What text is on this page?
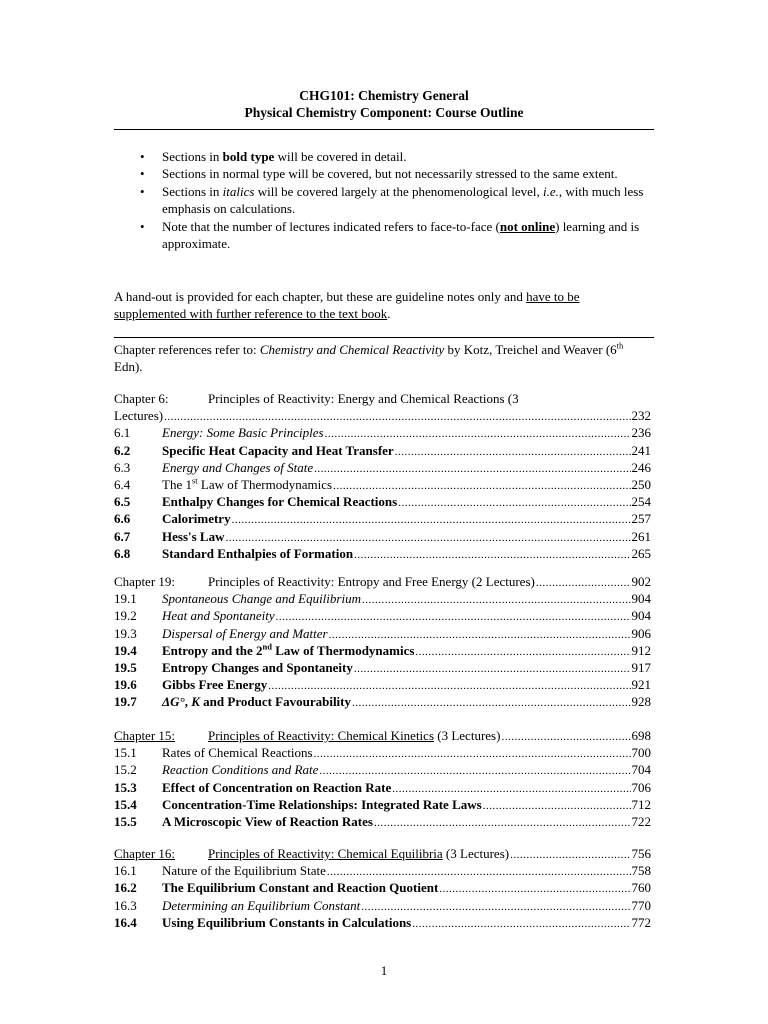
CHG101: Chemistry General
Physical Chemistry Component: Course Outline
• Sections in bold type will be covered in detail.
• Sections in normal type will be covered, but not necessarily stressed to the same extent.
• Sections in italics will be covered largely at the phenomenological level, i.e., with much less emphasis on calculations.
• Note that the number of lectures indicated refers to face-to-face (not online) learning and is approximate.

A hand-out is provided for each chapter, but these are guideline notes only and have to be supplemented with further reference to the text book.

Chapter references refer to: Chemistry and Chemical Reactivity by Kotz, Treichel and Weaver (6th Edn).

Chapter 6:	Principles of Reactivity: Energy and Chemical Reactions (3
Lectures) .....	232
6.1	Energy: Some Basic Principles .....	236
6.2	Specific Heat Capacity and Heat Transfer .....	241
6.3	Energy and Changes of State .....	246
6.4	The 1st Law of Thermodynamics .....	250
6.5	Enthalpy Changes for Chemical Reactions .....	254
6.6	Calorimetry .....	257
6.7	Hess's Law .....	261
6.8	Standard Enthalpies of Formation .....	265
Chapter 19:	Principles of Reactivity: Entropy and Free Energy (2 Lectures) .....	902
19.1	Spontaneous Change and Equilibrium .....	904
19.2	Heat and Spontaneity .....	904
19.3	Dispersal of Energy and Matter .....	906
19.4	Entropy and the 2nd Law of Thermodynamics .....	912
19.5	Entropy Changes and Spontaneity .....	917
19.6	Gibbs Free Energy .....	921
19.7	ΔG°, K and Product Favourability .....	928
Chapter 15:	Principles of Reactivity: Chemical Kinetics (3 Lectures) .....	698
15.1	Rates of Chemical Reactions .....	700
15.2	Reaction Conditions and Rate .....	704
15.3	Effect of Concentration on Reaction Rate .....	706
15.4	Concentration-Time Relationships: Integrated Rate Laws .....	712
15.5	A Microscopic View of Reaction Rates .....	722
Chapter 16:	Principles of Reactivity: Chemical Equilibria (3 Lectures) .....	756
16.1	Nature of the Equilibrium State .....	758
16.2	The Equilibrium Constant and Reaction Quotient .....	760
16.3	Determining an Equilibrium Constant .....	770
16.4	Using Equilibrium Constants in Calculations .....	772
1
